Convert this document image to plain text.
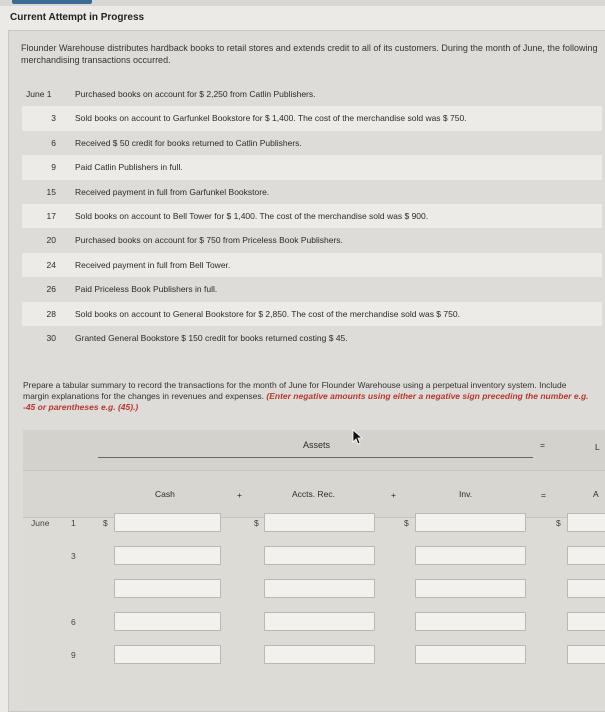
Current Attempt in Progress
Flounder Warehouse distributes hardback books to retail stores and extends credit to all of its customers. During the month of June, the following merchandising transactions occurred.
June 1	Purchased books on account for $ 2,250 from Catlin Publishers.
3 Sold books on account to Garfunkel Bookstore for $ 1,400. The cost of the merchandise sold was $ 750.
6 Received $ 50 credit for books returned to Catlin Publishers.
9 Paid Catlin Publishers in full.
15 Received payment in full from Garfunkel Bookstore.
17 Sold books on account to Bell Tower for $ 1,400. The cost of the merchandise sold was $ 900.
20 Purchased books on account for $ 750 from Priceless Book Publishers.
24 Received payment in full from Bell Tower.
26 Paid Priceless Book Publishers in full.
28 Sold books on account to General Bookstore for $ 2,850. The cost of the merchandise sold was $ 750.
30 Granted General Bookstore $ 150 credit for books returned costing $ 45.
Prepare a tabular summary to record the transactions for the month of June for Flounder Warehouse using a perpetual inventory system. Include margin explanations for the changes in revenues and expenses. (Enter negative amounts using either a negative sign preceding the number e.g. -45 or parentheses e.g. (45).)
Assets	=	L
Cash	+	Accts. Rec.	+	Inv.	=	A
June	1	$	$	$	$
3
6
9
